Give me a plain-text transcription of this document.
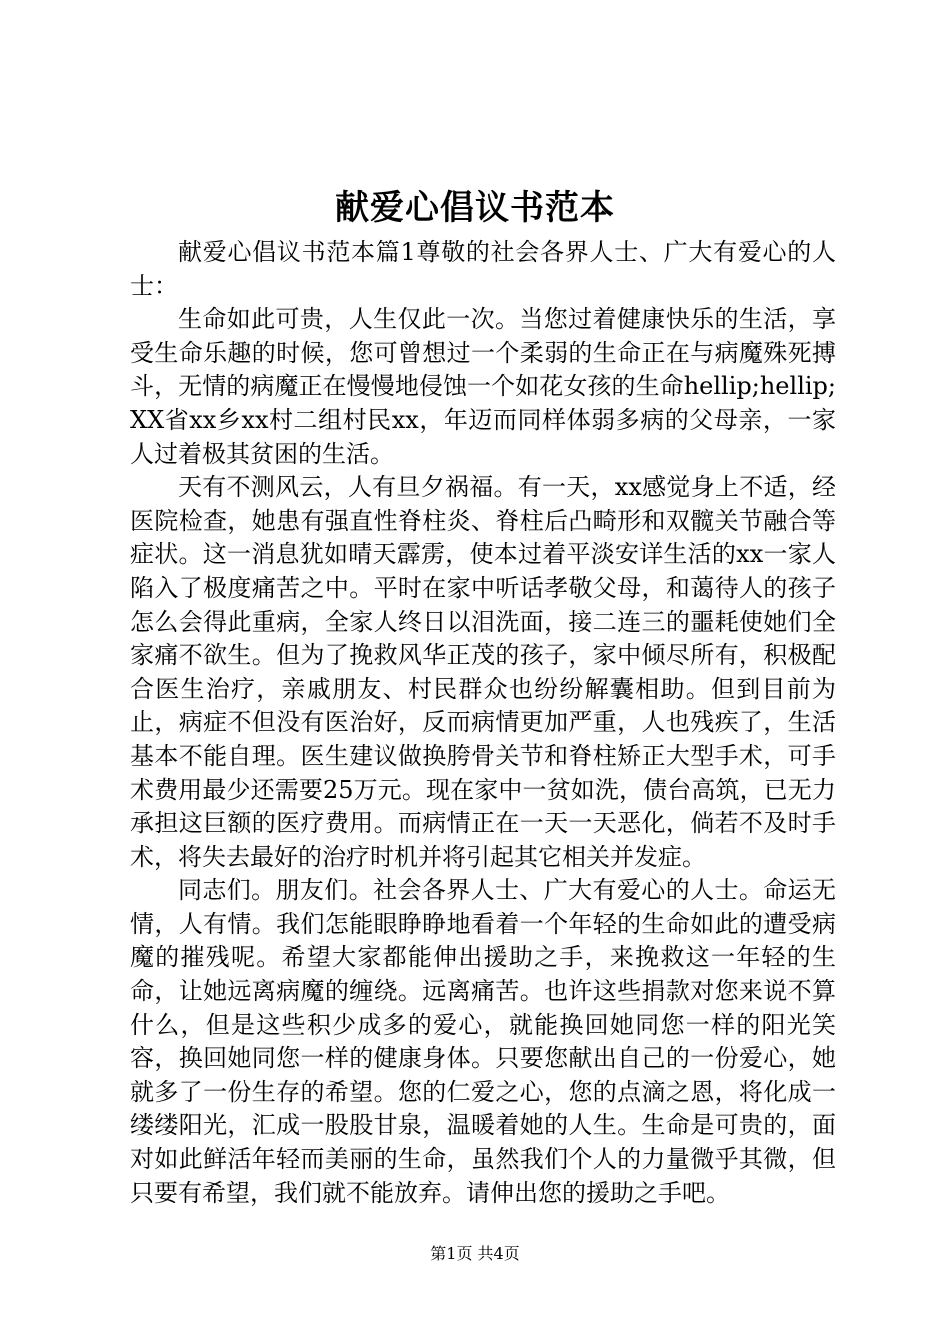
献爱心倡议书范本

献爱心倡议书范本篇1尊敬的社会各界人士、广大有爱心的人士：

生命如此可贵，人生仅此一次。当您过着健康快乐的生活，享受生命乐趣的时候，您可曾想过一个柔弱的生命正在与病魔殊死搏斗，无情的病魔正在慢慢地侵蚀一个如花女孩的生命hellip;hellip;XX省xx乡xx村二组村民xx，年迈而同样体弱多病的父母亲，一家人过着极其贫困的生活。

天有不测风云，人有旦夕祸福。有一天，xx感觉身上不适，经医院检查，她患有强直性脊柱炎、脊柱后凸畸形和双髋关节融合等症状。这一消息犹如晴天霹雳，使本过着平淡安详生活的xx一家人陷入了极度痛苦之中。平时在家中听话孝敬父母，和蔼待人的孩子怎么会得此重病，全家人终日以泪洗面，接二连三的噩耗使她们全家痛不欲生。但为了挽救风华正茂的孩子，家中倾尽所有，积极配合医生治疗，亲戚朋友、村民群众也纷纷解囊相助。但到目前为止，病症不但没有医治好，反而病情更加严重，人也残疾了，生活基本不能自理。医生建议做换胯骨关节和脊柱矫正大型手术，可手术费用最少还需要25万元。现在家中一贫如洗，债台高筑，已无力承担这巨额的医疗费用。而病情正在一天一天恶化，倘若不及时手术，将失去最好的治疗时机并将引起其它相关并发症。

同志们。朋友们。社会各界人士、广大有爱心的人士。命运无情，人有情。我们怎能眼睁睁地看着一个年轻的生命如此的遭受病魔的摧残呢。希望大家都能伸出援助之手，来挽救这一年轻的生命，让她远离病魔的缠绕。远离痛苦。也许这些捐款对您来说不算什么，但是这些积少成多的爱心，就能换回她同您一样的阳光笑容，换回她同您一样的健康身体。只要您献出自己的一份爱心，她就多了一份生存的希望。您的仁爱之心，您的点滴之恩，将化成一缕缕阳光，汇成一股股甘泉，温暖着她的人生。生命是可贵的，面对如此鲜活年轻而美丽的生命，虽然我们个人的力量微乎其微，但只要有希望，我们就不能放弃。请伸出您的援助之手吧。

第1页 共4页
